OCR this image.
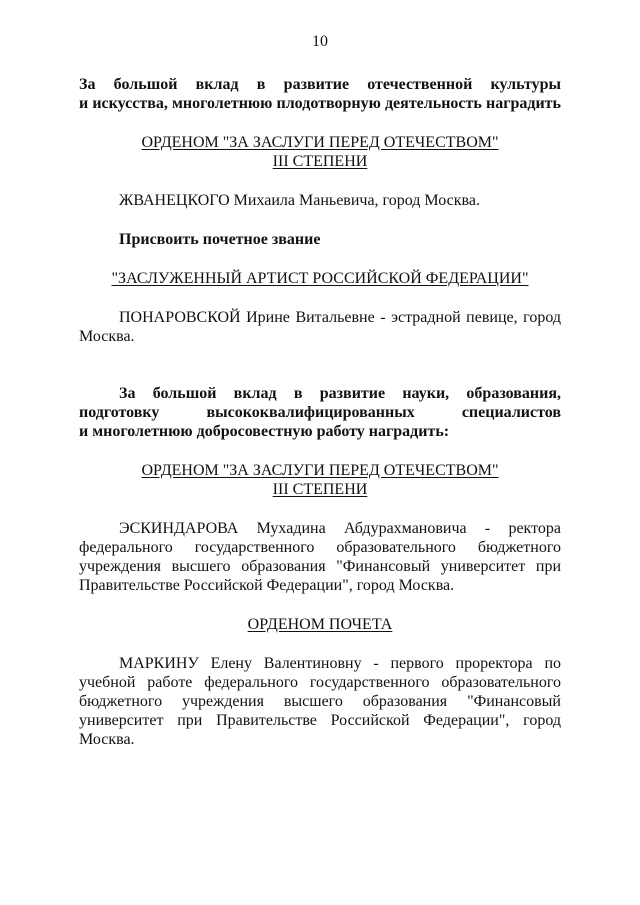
10

За большой вклад в развитие отечественной культуры

и искусства, многолетнюю плодотворную деятельность наградить

ОРДЕНОМ "ЗА ЗАСЛУГИ ПЕРЕД ОТЕЧЕСТВОМ"

III СТЕПЕНИ

ЖВАНЕЦКОГО Михаила Маньевича, город Москва.

Присвоить почетное звание

"ЗАСЛУЖЕННЫЙ АРТИСТ РОССИЙСКОЙ ФЕДЕРАЦИИ"

ПОНАРОВСКОЙ Ирине Витальевне - эстрадной певице, город Москва.

За большой вклад в развитие науки, образования,

подготовку высококвалифицированных специалистов

и многолетнюю добросовестную работу наградить:

ОРДЕНОМ "ЗА ЗАСЛУГИ ПЕРЕД ОТЕЧЕСТВОМ"

III СТЕПЕНИ

ЭСКИНДАРОВА Мухадина Абдурахмановича - ректора федерального государственного образовательного бюджетного учреждения высшего образования "Финансовый университет при Правительстве Российской Федерации", город Москва.

ОРДЕНОМ ПОЧЕТА

МАРКИНУ Елену Валентиновну - первого проректора по учебной работе федерального государственного образовательного бюджетного учреждения высшего образования "Финансовый университет при Правительстве Российской Федерации", город Москва.
